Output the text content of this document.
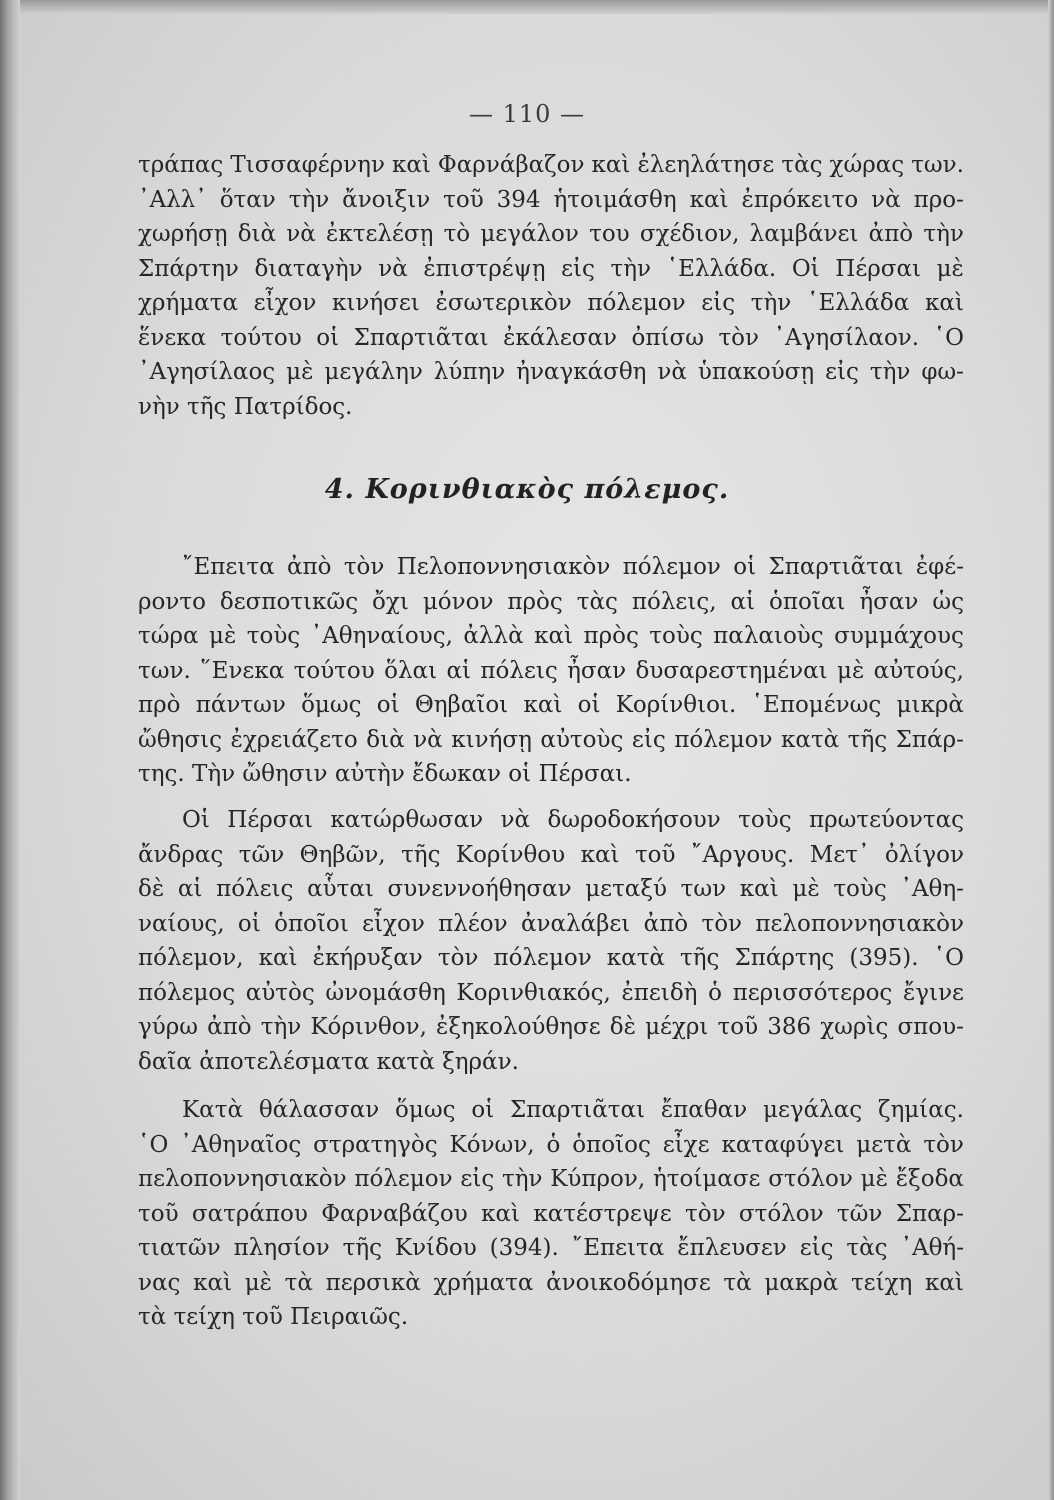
— 110 —
τράπας Τισσαφέρνην καὶ Φαρνάβαζον καὶ ἐλεηλάτησε τὰς χώρας των.
᾿Αλλ᾿ ὅταν τὴν ἄνοιξιν τοῦ 394 ἡτοιμάσθη καὶ ἐπρόκειτο νὰ προ-
χωρήσῃ διὰ νὰ ἐκτελέσῃ τὸ μεγάλον του σχέδιον, λαμβάνει ἀπὸ τὴν
Σπάρτην διαταγὴν νὰ ἐπιστρέψῃ εἰς τὴν ῾Ελλάδα. Οἱ Πέρσαι μὲ
χρήματα εἶχον κινήσει ἐσωτερικὸν πόλεμον εἰς τὴν ῾Ελλάδα καὶ
ἕνεκα τούτου οἱ Σπαρτιᾶται ἐκάλεσαν ὀπίσω τὸν ᾿Αγησίλαον. ῾Ο
᾿Αγησίλαος μὲ μεγάλην λύπην ἠναγκάσθη νὰ ὑπακούσῃ εἰς τὴν φω-
νὴν τῆς Πατρίδος.
4. Κορινθιακὸς πόλεμος.
῎Επειτα ἀπὸ τὸν Πελοποννησιακὸν πόλεμον οἱ Σπαρτιᾶται ἐφέ-
ροντο δεσποτικῶς ὄχι μόνον πρὸς τὰς πόλεις, αἱ ὁποῖαι ἦσαν ὡς
τώρα μὲ τοὺς ᾿Αθηναίους, ἀλλὰ καὶ πρὸς τοὺς παλαιοὺς συμμάχους
των. ῞Ενεκα τούτου ὅλαι αἱ πόλεις ἦσαν δυσαρεστημέναι μὲ αὐτούς,
πρὸ πάντων ὅμως οἱ Θηβαῖοι καὶ οἱ Κορίνθιοι. ῾Επομένως μικρὰ
ὤθησις ἐχρειάζετο διὰ νὰ κινήσῃ αὐτοὺς εἰς πόλεμον κατὰ τῆς Σπάρ-
της. Τὴν ὤθησιν αὐτὴν ἔδωκαν οἱ Πέρσαι.
Οἱ Πέρσαι κατώρθωσαν νὰ δωροδοκήσουν τοὺς πρωτεύοντας
ἄνδρας τῶν Θηβῶν, τῆς Κορίνθου καὶ τοῦ ῎Αργους. Μετ᾿ ὀλίγον
δὲ αἱ πόλεις αὗται συνεννοήθησαν μεταξύ των καὶ μὲ τοὺς ᾿Αθη-
ναίους, οἱ ὁποῖοι εἶχον πλέον ἀναλάβει ἀπὸ τὸν πελοποννησιακὸν
πόλεμον, καὶ ἐκήρυξαν τὸν πόλεμον κατὰ τῆς Σπάρτης (395). ῾Ο
πόλεμος αὐτὸς ὠνομάσθη Κορινθιακός, ἐπειδὴ ὁ περισσότερος ἔγινε
γύρω ἀπὸ τὴν Κόρινθον, ἐξηκολούθησε δὲ μέχρι τοῦ 386 χωρὶς σπου-
δαῖα ἀποτελέσματα κατὰ ξηράν.
Κατὰ θάλασσαν ὅμως οἱ Σπαρτιᾶται ἔπαθαν μεγάλας ζημίας.
῾Ο ᾿Αθηναῖος στρατηγὸς Κόνων, ὁ ὁποῖος εἶχε καταφύγει μετὰ τὸν
πελοποννησιακὸν πόλεμον εἰς τὴν Κύπρον, ἡτοίμασε στόλον μὲ ἔξοδα
τοῦ σατράπου Φαρναβάζου καὶ κατέστρεψε τὸν στόλον τῶν Σπαρ-
τιατῶν πλησίον τῆς Κνίδου (394). ῎Επειτα ἔπλευσεν εἰς τὰς ᾿Αθή-
νας καὶ μὲ τὰ περσικὰ χρήματα ἀνοικοδόμησε τὰ μακρὰ τείχη καὶ
τὰ τείχη τοῦ Πειραιῶς.
